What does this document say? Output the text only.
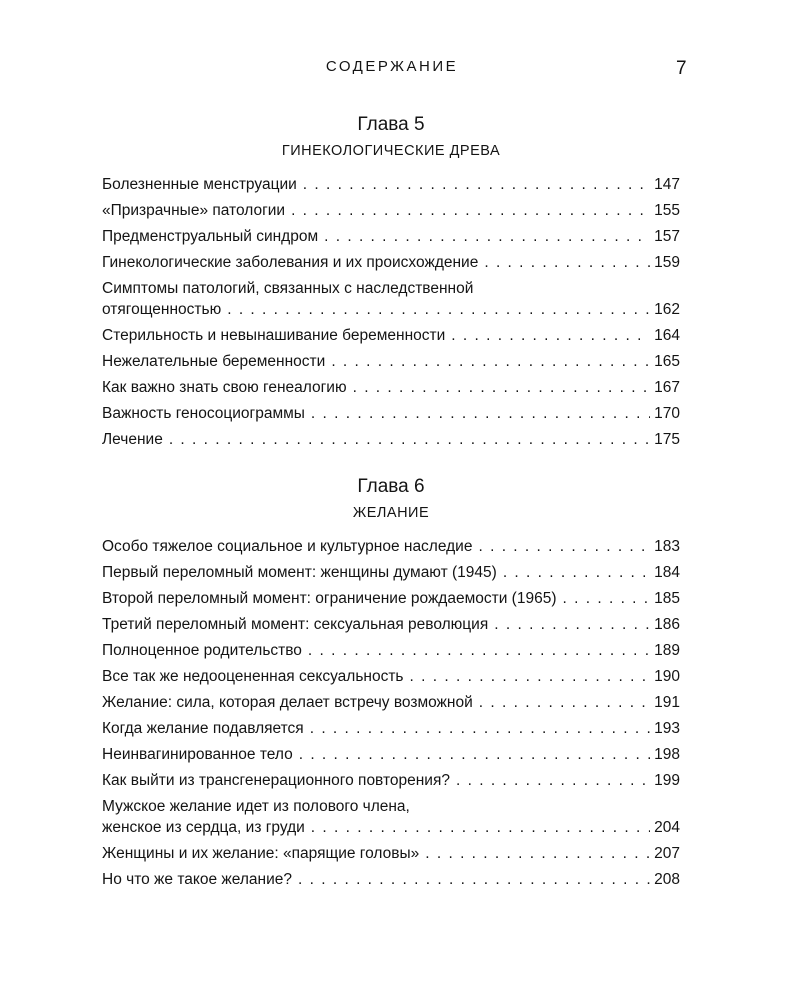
СОДЕРЖАНИЕ	7
Глава 5
ГИНЕКОЛОГИЧЕСКИЕ ДРЕВА
Болезненные менструации . . .	147
«Призрачные» патологии . . .	155
Предменструальный синдром . . .	157
Гинекологические заболевания и их происхождение . . .	159
Симптомы патологий, связанных с наследственной
отягощенностью . . .	162
Стерильность и невынашивание беременности . . .	164
Нежелательные беременности . . .	165
Как важно знать свою генеалогию . . .	167
Важность геносоциограммы . . .	170
Лечение . . .	175
Глава 6
ЖЕЛАНИЕ
Особо тяжелое социальное и культурное наследие . . .	183
Первый переломный момент: женщины думают (1945) . . .	184
Второй переломный момент: ограничение рождаемости (1965) . . .	185
Третий переломный момент: сексуальная революция . . .	186
Полноценное родительство . . .	189
Все так же недооцененная сексуальность . . .	190
Желание: сила, которая делает встречу возможной . . .	191
Когда желание подавляется . . .	193
Неинвагинированное тело . . .	198
Как выйти из трансгенерационного повторения? . . .	199
Мужское желание идет из полового члена,
женское из сердца, из груди . . .	204
Женщины и их желание: «парящие головы» . . .	207
Но что же такое желание? . . .	208
